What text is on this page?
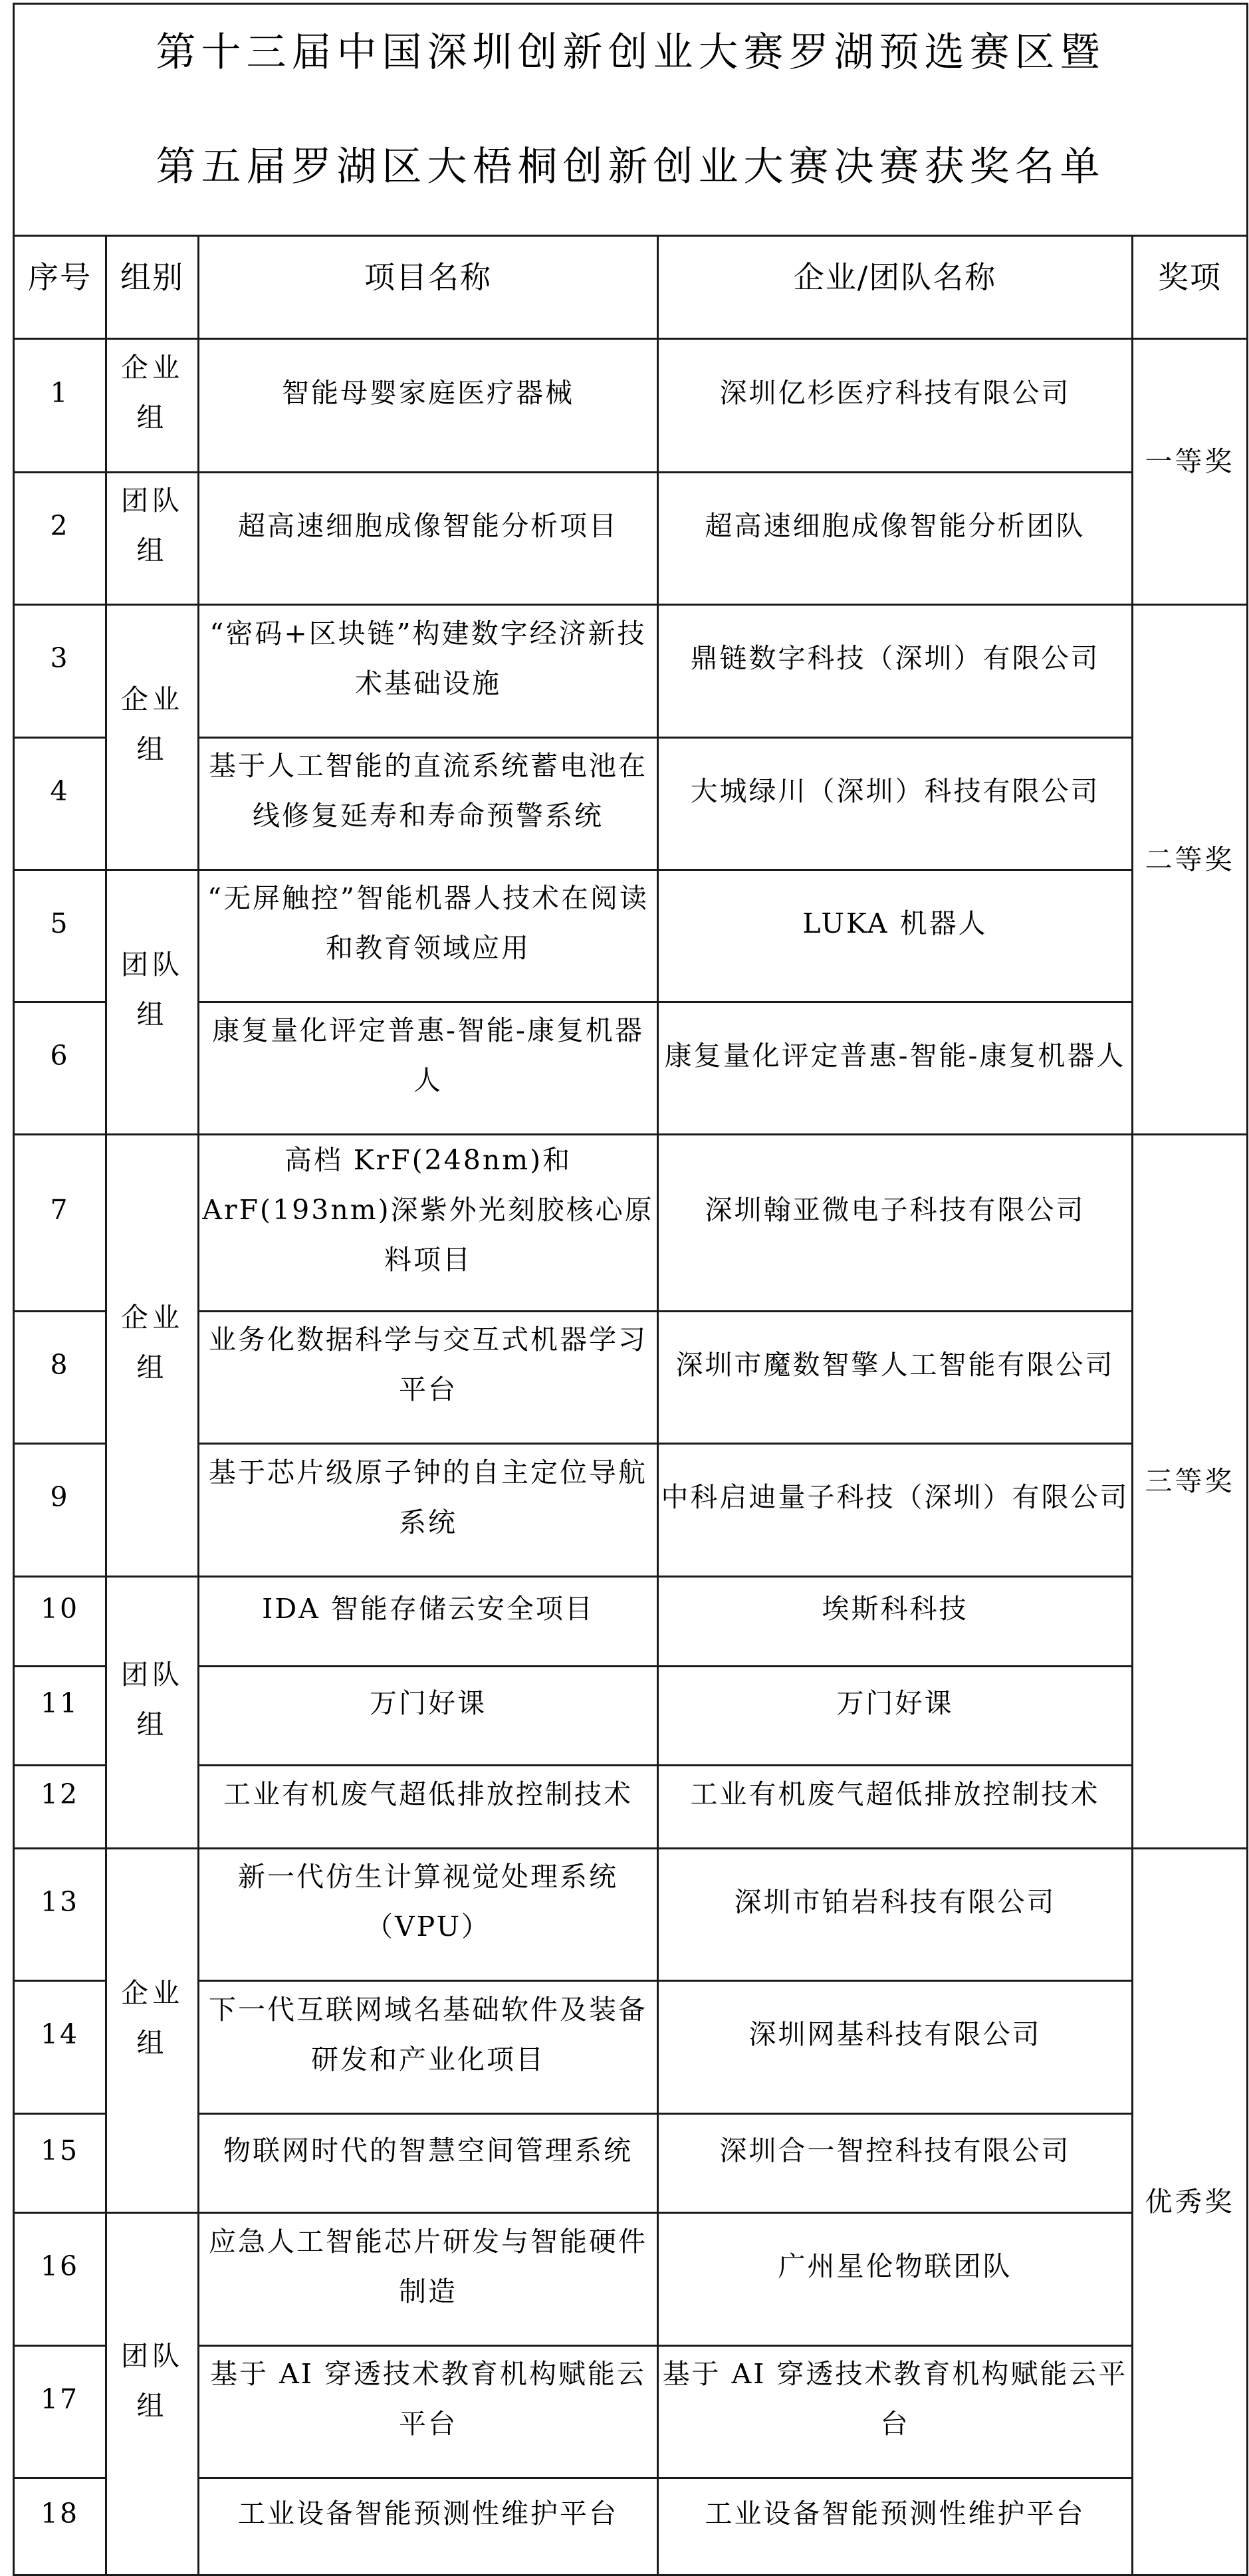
第十三届中国深圳创新创业大赛罗湖预选赛区暨
第五届罗湖区大梧桐创新创业大赛决赛获奖名单				

序号	组别	项目名称	企业/团队名称	奖项
1	企业组	智能母婴家庭医疗器械	深圳亿杉医疗科技有限公司	一等奖
2	团队组	超高速细胞成像智能分析项目	超高速细胞成像智能分析团队	
3	企业组	“密码+区块链”构建数字经济新技术基础设施	鼎链数字科技（深圳）有限公司	二等奖
4		基于人工智能的直流系统蓄电池在线修复延寿和寿命预警系统	大城绿川（深圳）科技有限公司	
5	团队组	“无屏触控”智能机器人技术在阅读和教育领域应用	LUKA 机器人	
6		康复量化评定普惠-智能-康复机器人	康复量化评定普惠-智能-康复机器人	
7	企业组	高档 KrF(248nm)和 ArF(193nm)深紫外光刻胶核心原料项目	深圳翰亚微电子科技有限公司	三等奖
8		业务化数据科学与交互式机器学习平台	深圳市魔数智擎人工智能有限公司	
9		基于芯片级原子钟的自主定位导航系统	中科启迪量子科技（深圳）有限公司	
10	团队组	IDA 智能存储云安全项目	埃斯科科技	
11		万门好课	万门好课	
12		工业有机废气超低排放控制技术	工业有机废气超低排放控制技术	
13	企业组	新一代仿生计算视觉处理系统（VPU）	深圳市铂岩科技有限公司	优秀奖
14		下一代互联网域名基础软件及装备研发和产业化项目	深圳网基科技有限公司	
15		物联网时代的智慧空间管理系统	深圳合一智控科技有限公司	
16	团队组	应急人工智能芯片研发与智能硬件制造	广州星伦物联团队	
17		基于 AI 穿透技术教育机构赋能云平台	基于 AI 穿透技术教育机构赋能云平台	
18		工业设备智能预测性维护平台	工业设备智能预测性维护平台	
